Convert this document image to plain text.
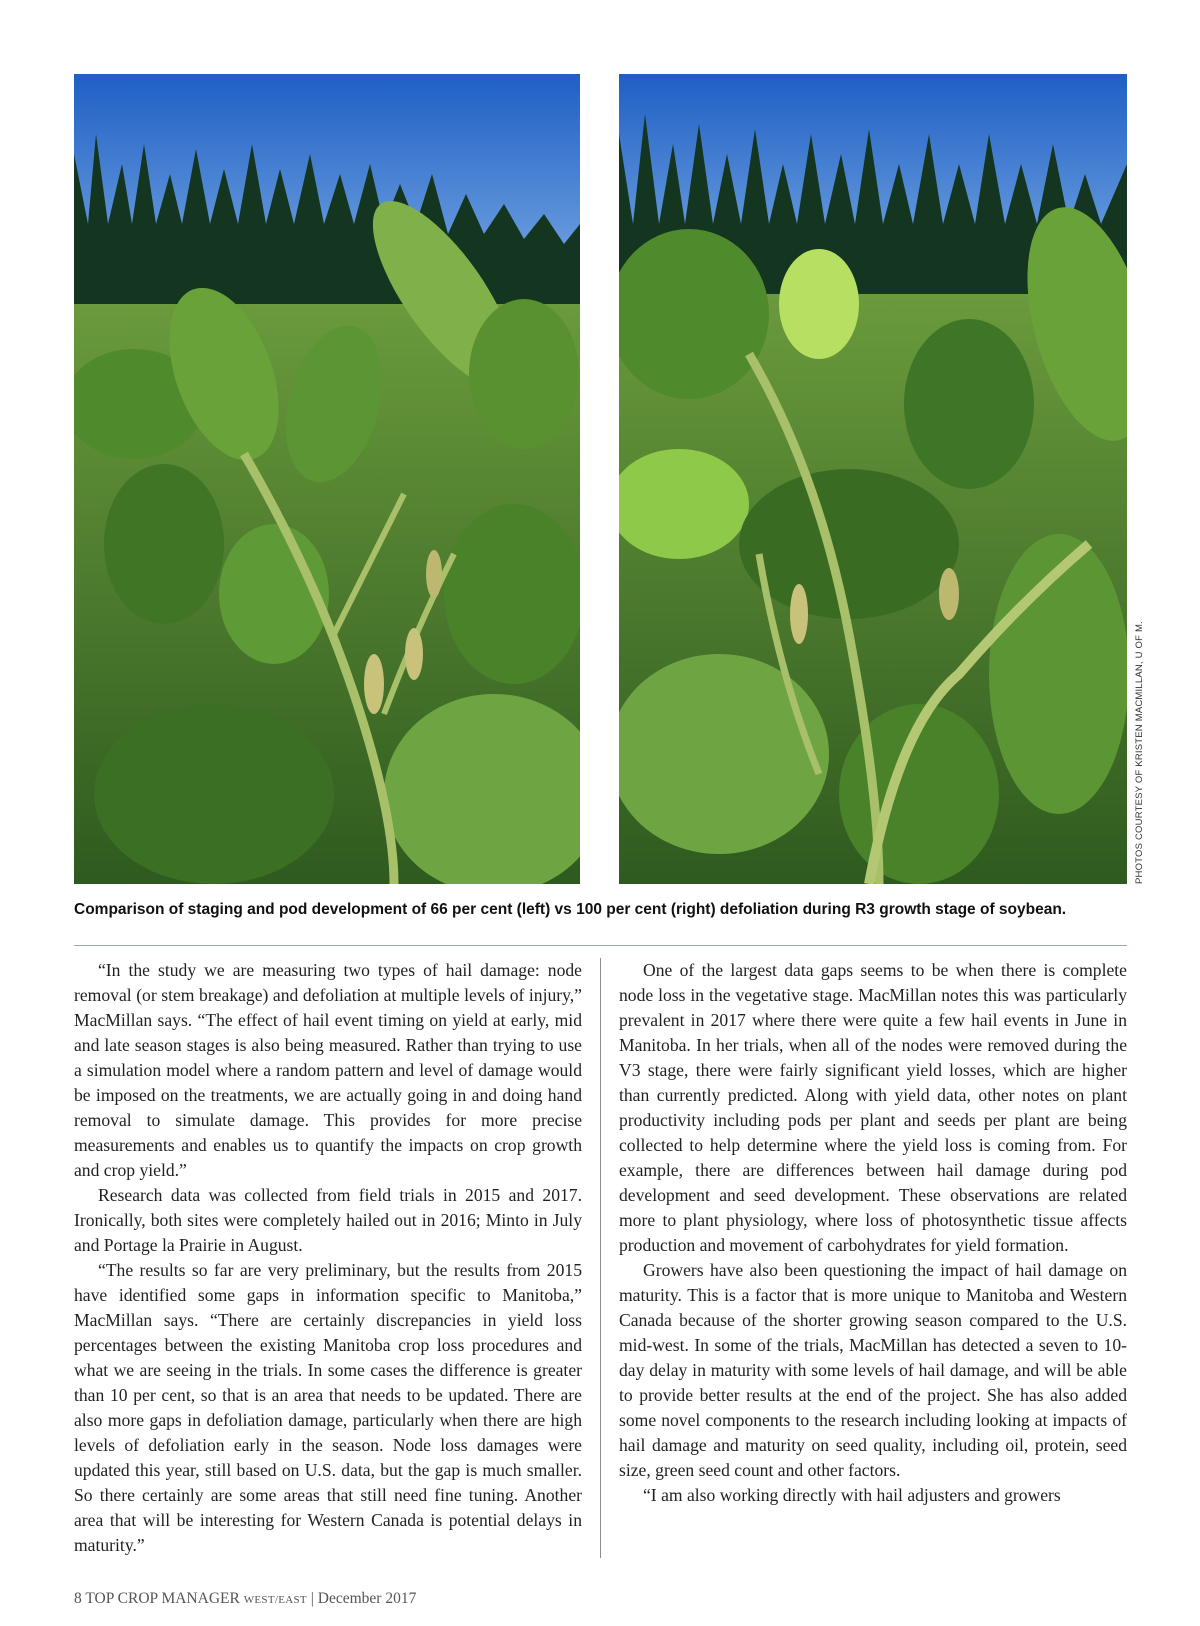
PHOTOS COURTESY OF KRISTEN MACMILLAN, U OF M.
Comparison of staging and pod development of 66 per cent (left) vs 100 per cent (right) defoliation during R3 growth stage of soybean.

“In the study we are measuring two types of hail damage: node removal (or stem breakage) and defoliation at multiple levels of injury,” MacMillan says. “The effect of hail event timing on yield at early, mid and late season stages is also being measured. Rather than trying to use a simulation model where a random pattern and level of damage would be imposed on the treatments, we are actually going in and doing hand removal to simulate damage. This provides for more precise measurements and enables us to quantify the impacts on crop growth and crop yield.”

Research data was collected from field trials in 2015 and 2017. Ironically, both sites were completely hailed out in 2016; Minto in July and Portage la Prairie in August.

“The results so far are very preliminary, but the results from 2015 have identified some gaps in information specific to Manitoba,” MacMillan says. “There are certainly discrepancies in yield loss percentages between the existing Manitoba crop loss procedures and what we are seeing in the trials. In some cases the difference is greater than 10 per cent, so that is an area that needs to be updated. There are also more gaps in defoliation damage, particularly when there are high levels of defoliation early in the season. Node loss damages were updated this year, still based on U.S. data, but the gap is much smaller. So there certainly are some areas that still need fine tuning. Another area that will be interesting for Western Canada is potential delays in maturity.”

One of the largest data gaps seems to be when there is complete node loss in the vegetative stage. MacMillan notes this was particularly prevalent in 2017 where there were quite a few hail events in June in Manitoba. In her trials, when all of the nodes were removed during the V3 stage, there were fairly significant yield losses, which are higher than currently predicted. Along with yield data, other notes on plant productivity including pods per plant and seeds per plant are being collected to help determine where the yield loss is coming from. For example, there are differences between hail damage during pod development and seed development. These observations are related more to plant physiology, where loss of photosynthetic tissue affects production and movement of carbohydrates for yield formation.

Growers have also been questioning the impact of hail damage on maturity. This is a factor that is more unique to Manitoba and Western Canada because of the shorter growing season compared to the U.S. mid-west. In some of the trials, MacMillan has detected a seven to 10-day delay in maturity with some levels of hail damage, and will be able to provide better results at the end of the project. She has also added some novel components to the research including looking at impacts of hail damage and maturity on seed quality, including oil, protein, seed size, green seed count and other factors.

“I am also working directly with hail adjusters and growers

8 TOP CROP MANAGER WEST/EAST | December 2017
